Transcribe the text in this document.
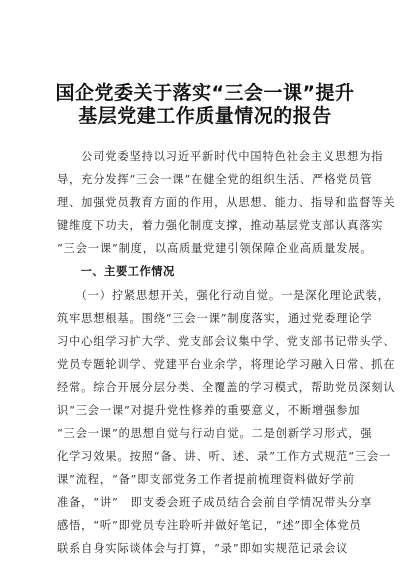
国企党委关于落实“三会一课”提升
基层党建工作质量情况的报告
　　公司党委坚持以习近平新时代中国特色社会主义思想为指
导，充分发挥“三会一课”在健全党的组织生活、严格党员管
理、加强党员教育方面的作用，从思想、能力、指导和监督等关
键维度下功夫，着力强化制度支撑，推动基层党支部认真落实
“三会一课”制度，以高质量党建引领保障企业高质量发展。
　　一、主要工作情况
　　（一）拧紧思想开关，强化行动自觉。一是深化理论武装，
筑牢思想根基。围绕“三会一课”制度落实，通过党委理论学
习中心组学习扩大学、党支部会议集中学、党支部书记带头学、
党员专题轮训学、党建平台业余学，将理论学习融入日常、抓在
经常。综合开展分层分类、全覆盖的学习模式，帮助党员深刻认
识“三会一课”对提升党性修养的重要意义，不断增强参加
“三会一课”的思想自觉与行动自觉。二是创新学习形式，强
化学习效果。按照“备、讲、听、述、录”工作方式规范“三会一
课”流程，“备”即支部党务工作者提前梳理资料做好学前
准备，“讲”　即支委会班子成员结合会前自学情况带头分享
感悟，“听”即党员专注聆听并做好笔记，“述”即全体党员
联系自身实际谈体会与打算，“录”即如实规范记录会议
